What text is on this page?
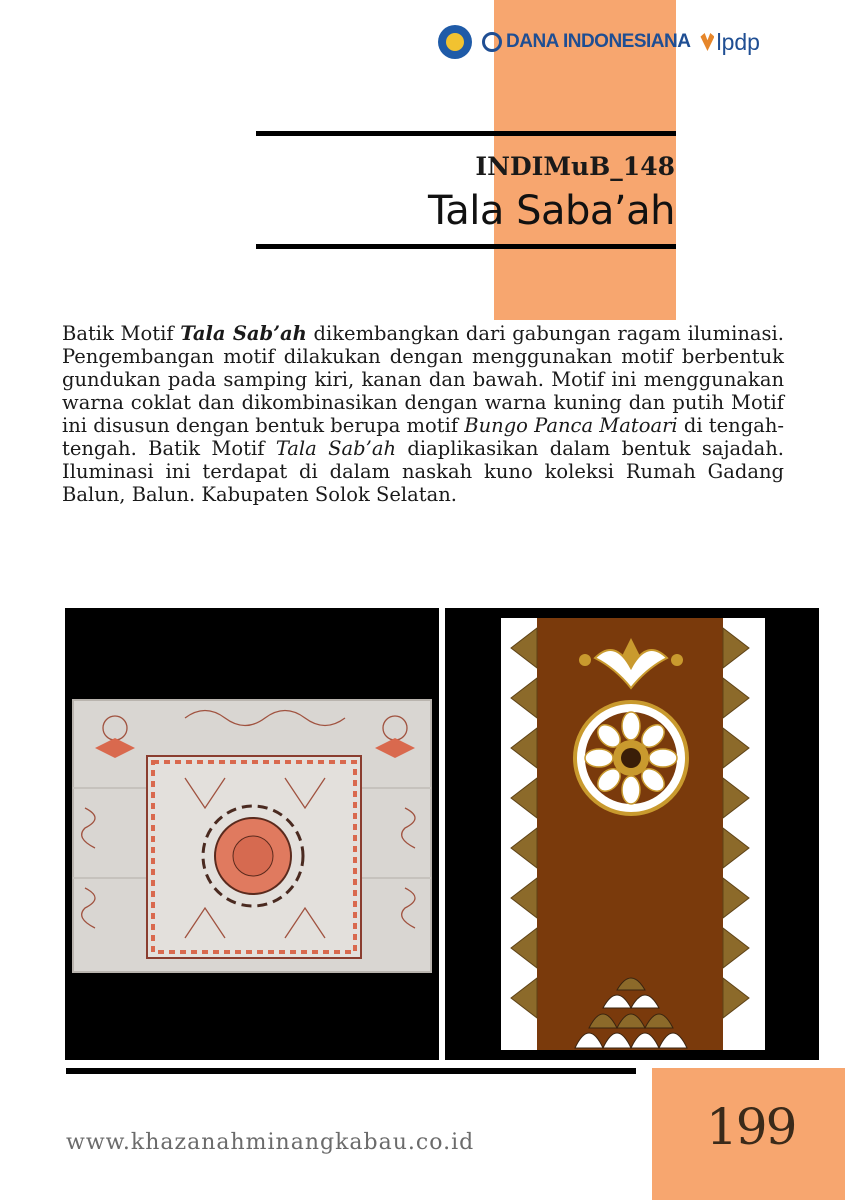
DANA INDONESIANA lpdp
INDIMuB_148
Tala Saba’ah

Batik Motif Tala Sab’ah dikembangkan dari gabungan ragam iluminasi. Pengembangan motif dilakukan dengan menggunakan motif berbentuk gundukan pada samping kiri, kanan dan bawah. Motif ini menggunakan warna coklat dan dikombinasikan dengan warna kuning dan putih Motif ini disusun dengan bentuk berupa motif Bungo Panca Matoari di tengah-tengah. Batik Motif Tala Sab’ah diaplikasikan dalam bentuk sajadah. Iluminasi ini terdapat di dalam naskah kuno koleksi Rumah Gadang Balun, Balun. Kabupaten Solok Selatan.

www.khazanahminangkabau.co.id	199
